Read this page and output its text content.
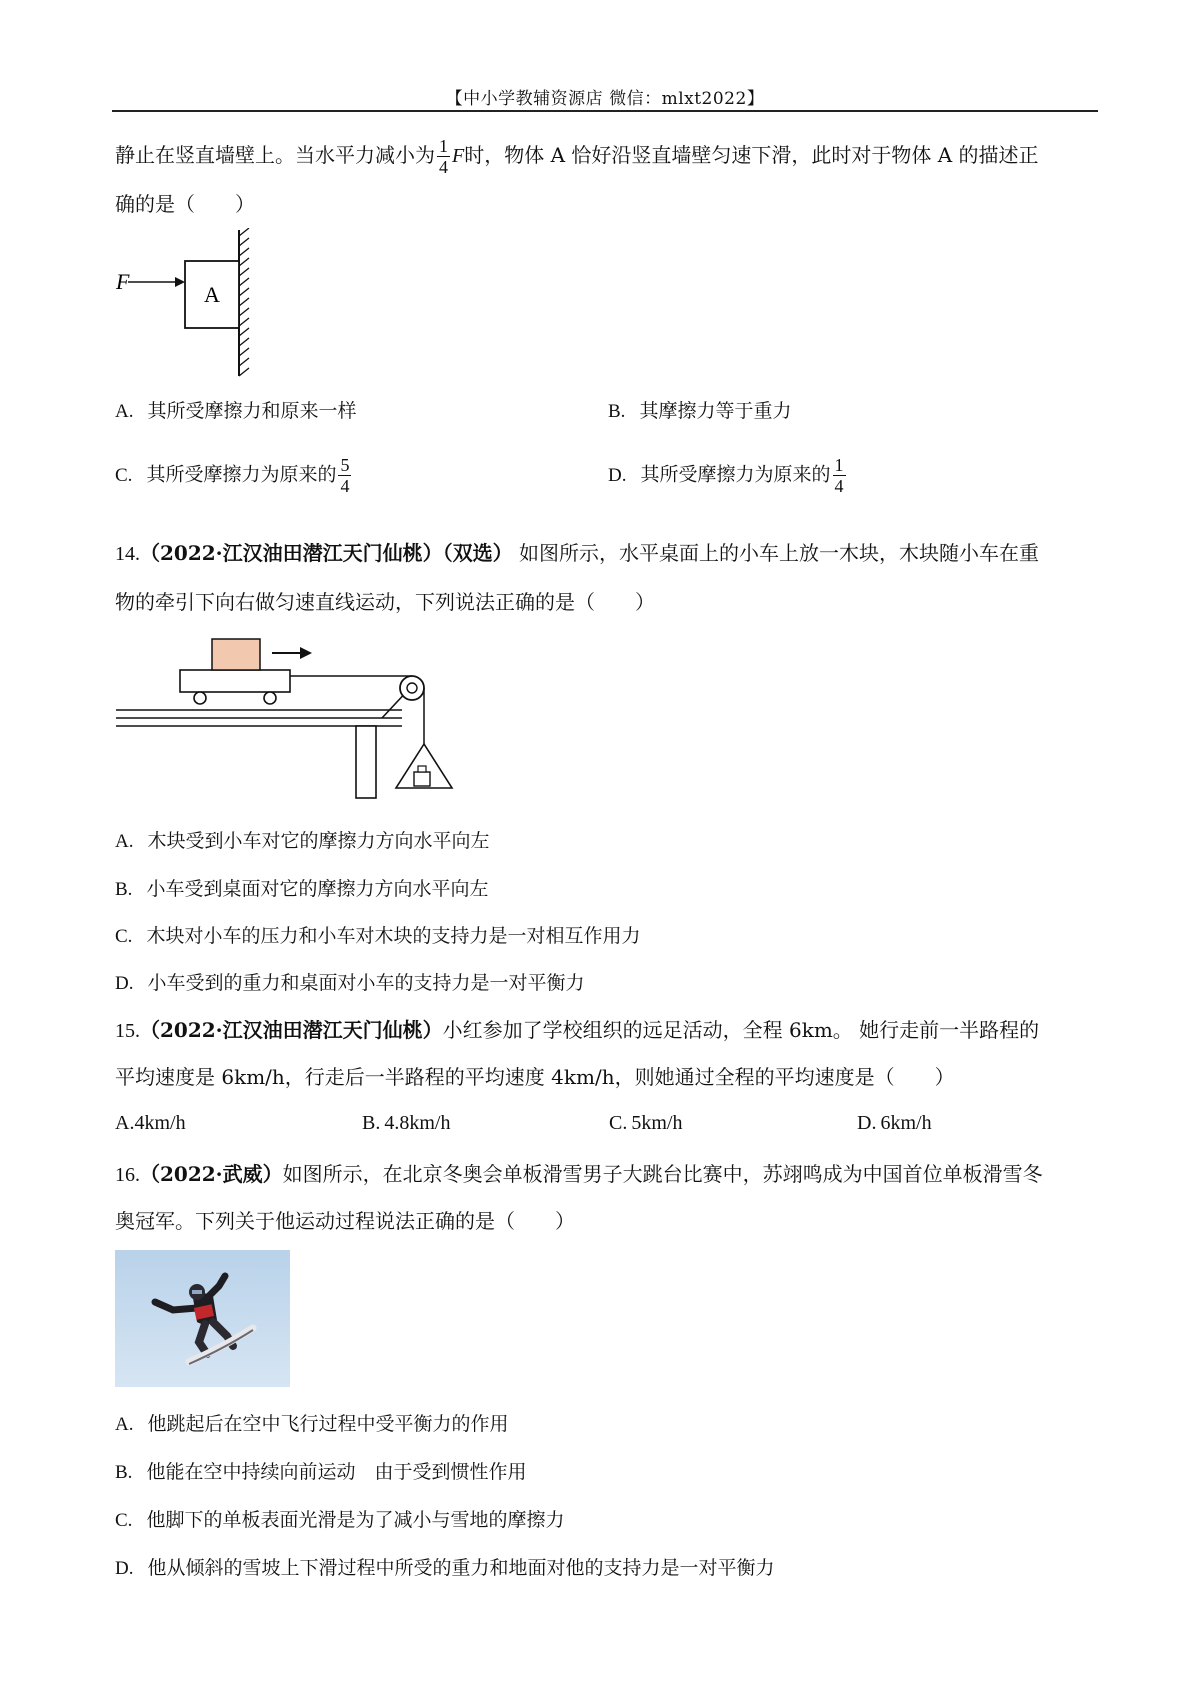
【中小学教辅资源店 微信：mlxt2022】
静止在竖直墙壁上。当水平力减小为 $\frac{1}{4}$ F时，物体 A 恰好沿竖直墙壁匀速下滑，此时对于物体 A 的描述正
确的是（　　）
A
F
A. 其所受摩擦力和原来一样	B. 其摩擦力等于重力
C. 其所受摩擦力为原来的 $\frac{5}{4}$	D. 其所受摩擦力为原来的 $\frac{1}{4}$
14.（2022·江汉油田潜江天门仙桃）（双选） 如图所示，水平桌面上的小车上放一木块，木块随小车在重
物的牵引下向右做匀速直线运动，下列说法正确的是（　　）
A. 木块受到小车对它的摩擦力方向水平向左
B. 小车受到桌面对它的摩擦力方向水平向左
C. 木块对小车的压力和小车对木块的支持力是一对相互作用力
D. 小车受到的重力和桌面对小车的支持力是一对平衡力
15.（2022·江汉油田潜江天门仙桃）小红参加了学校组织的远足活动，全程 6km。 她行走前一半路程的
平均速度是 6km/h，行走后一半路程的平均速度 4km/h，则她通过全程的平均速度是（　　）
A.4km/h	B. 4.8km/h	C. 5km/h	D. 6km/h
16.（2022·武威）如图所示，在北京冬奥会单板滑雪男子大跳台比赛中，苏翊鸣成为中国首位单板滑雪冬
奥冠军。下列关于他运动过程说法正确的是（　　）
A. 他跳起后在空中飞行过程中受平衡力的作用
B. 他能在空中持续向前运动　由于受到惯性作用
C. 他脚下的单板表面光滑是为了减小与雪地的摩擦力
D. 他从倾斜的雪坡上下滑过程中所受的重力和地面对他的支持力是一对平衡力
